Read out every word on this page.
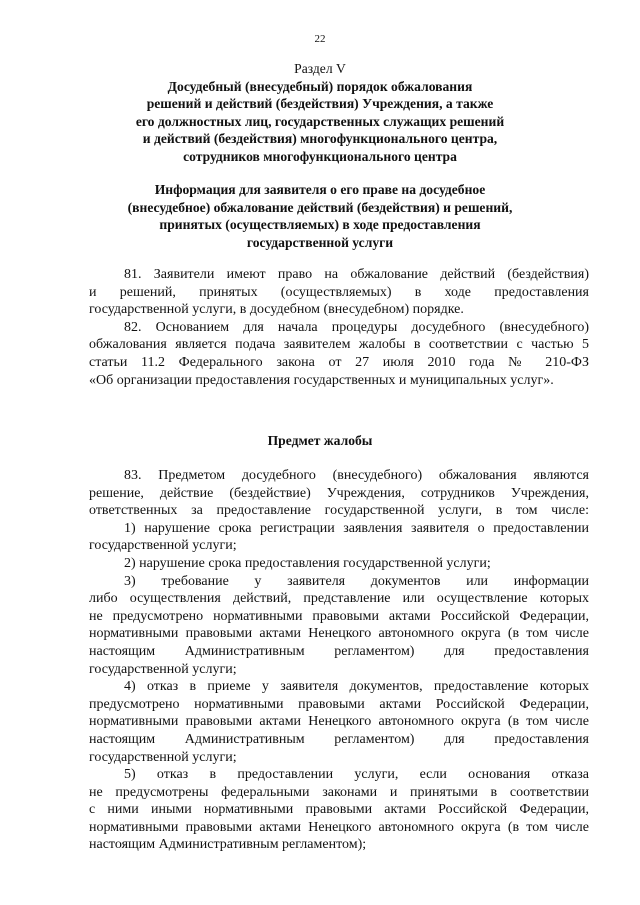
22
Раздел V
Досудебный (внесудебный) порядок обжалования
решений и действий (бездействия) Учреждения, а также
его должностных лиц, государственных служащих решений
и действий (бездействия) многофункционального центра,
сотрудников многофункционального центра
Информация для заявителя о его праве на досудебное
(внесудебное) обжалование действий (бездействия) и решений,
принятых (осуществляемых) в ходе предоставления
государственной услуги
81. Заявители имеют право на обжалование действий (бездействия)
и решений, принятых (осуществляемых) в ходе предоставления
государственной услуги, в досудебном (внесудебном) порядке.
82. Основанием для начала процедуры досудебного (внесудебного)
обжалования является подача заявителем жалобы в соответствии с частью 5
статьи 11.2 Федерального закона от 27 июля 2010 года № 210-ФЗ
«Об организации предоставления государственных и муниципальных услуг».
Предмет жалобы
83. Предметом досудебного (внесудебного) обжалования являются
решение, действие (бездействие) Учреждения, сотрудников Учреждения,
ответственных за предоставление государственной услуги, в том числе:
1) нарушение срока регистрации заявления заявителя о предоставлении
государственной услуги;
2) нарушение срока предоставления государственной услуги;
3) требование у заявителя документов или информации
либо осуществления действий, представление или осуществление которых
не предусмотрено нормативными правовыми актами Российской Федерации,
нормативными правовыми актами Ненецкого автономного округа (в том числе
настоящим Административным регламентом) для предоставления
государственной услуги;
4) отказ в приеме у заявителя документов, предоставление которых
предусмотрено нормативными правовыми актами Российской Федерации,
нормативными правовыми актами Ненецкого автономного округа (в том числе
настоящим Административным регламентом) для предоставления
государственной услуги;
5) отказ в предоставлении услуги, если основания отказа
не предусмотрены федеральными законами и принятыми в соответствии
с ними иными нормативными правовыми актами Российской Федерации,
нормативными правовыми актами Ненецкого автономного округа (в том числе
настоящим Административным регламентом);
